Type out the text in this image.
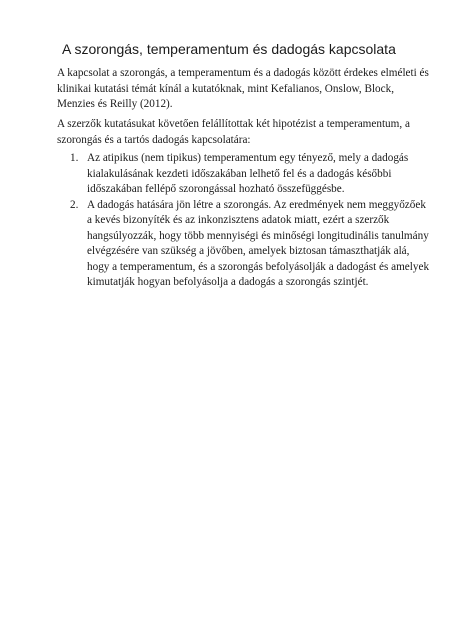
A szorongás, temperamentum és dadogás kapcsolata

A kapcsolat a szorongás, a temperamentum és a dadogás között érdekes elméleti és
klinikai kutatási témát kínál a kutatóknak, mint Kefalianos, Onslow, Block,
Menzies és Reilly (2012).

A szerzők kutatásukat követően felállítottak két hipotézist a temperamentum, a
szorongás és a tartós dadogás kapcsolatára:

1. Az atipikus (nem tipikus) temperamentum egy tényező, mely a dadogás
kialakulásának kezdeti időszakában lelhető fel és a dadogás későbbi
időszakában fellépő szorongással hozható összefüggésbe.
2. A dadogás hatására jön létre a szorongás. Az eredmények nem meggyőzőek
a kevés bizonyíték és az inkonzisztens adatok miatt, ezért a szerzők
hangsúlyozzák, hogy több mennyiségi és minőségi longitudinális tanulmány
elvégzésére van szükség a jövőben, amelyek biztosan támaszthatják alá,
hogy a temperamentum, és a szorongás befolyásolják a dadogást és amelyek
kimutatják hogyan befolyásolja a dadogás a szorongás szintjét.
